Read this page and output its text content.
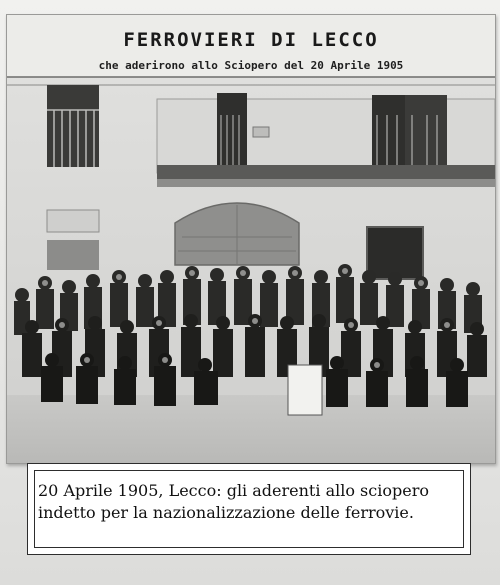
FERROVIERI DI LECCO
che aderirono allo Sciopero del 20 Aprile 1905
20 Aprile 1905, Lecco: gli aderenti allo sciopero
indetto per la nazionalizzazione delle ferrovie.
